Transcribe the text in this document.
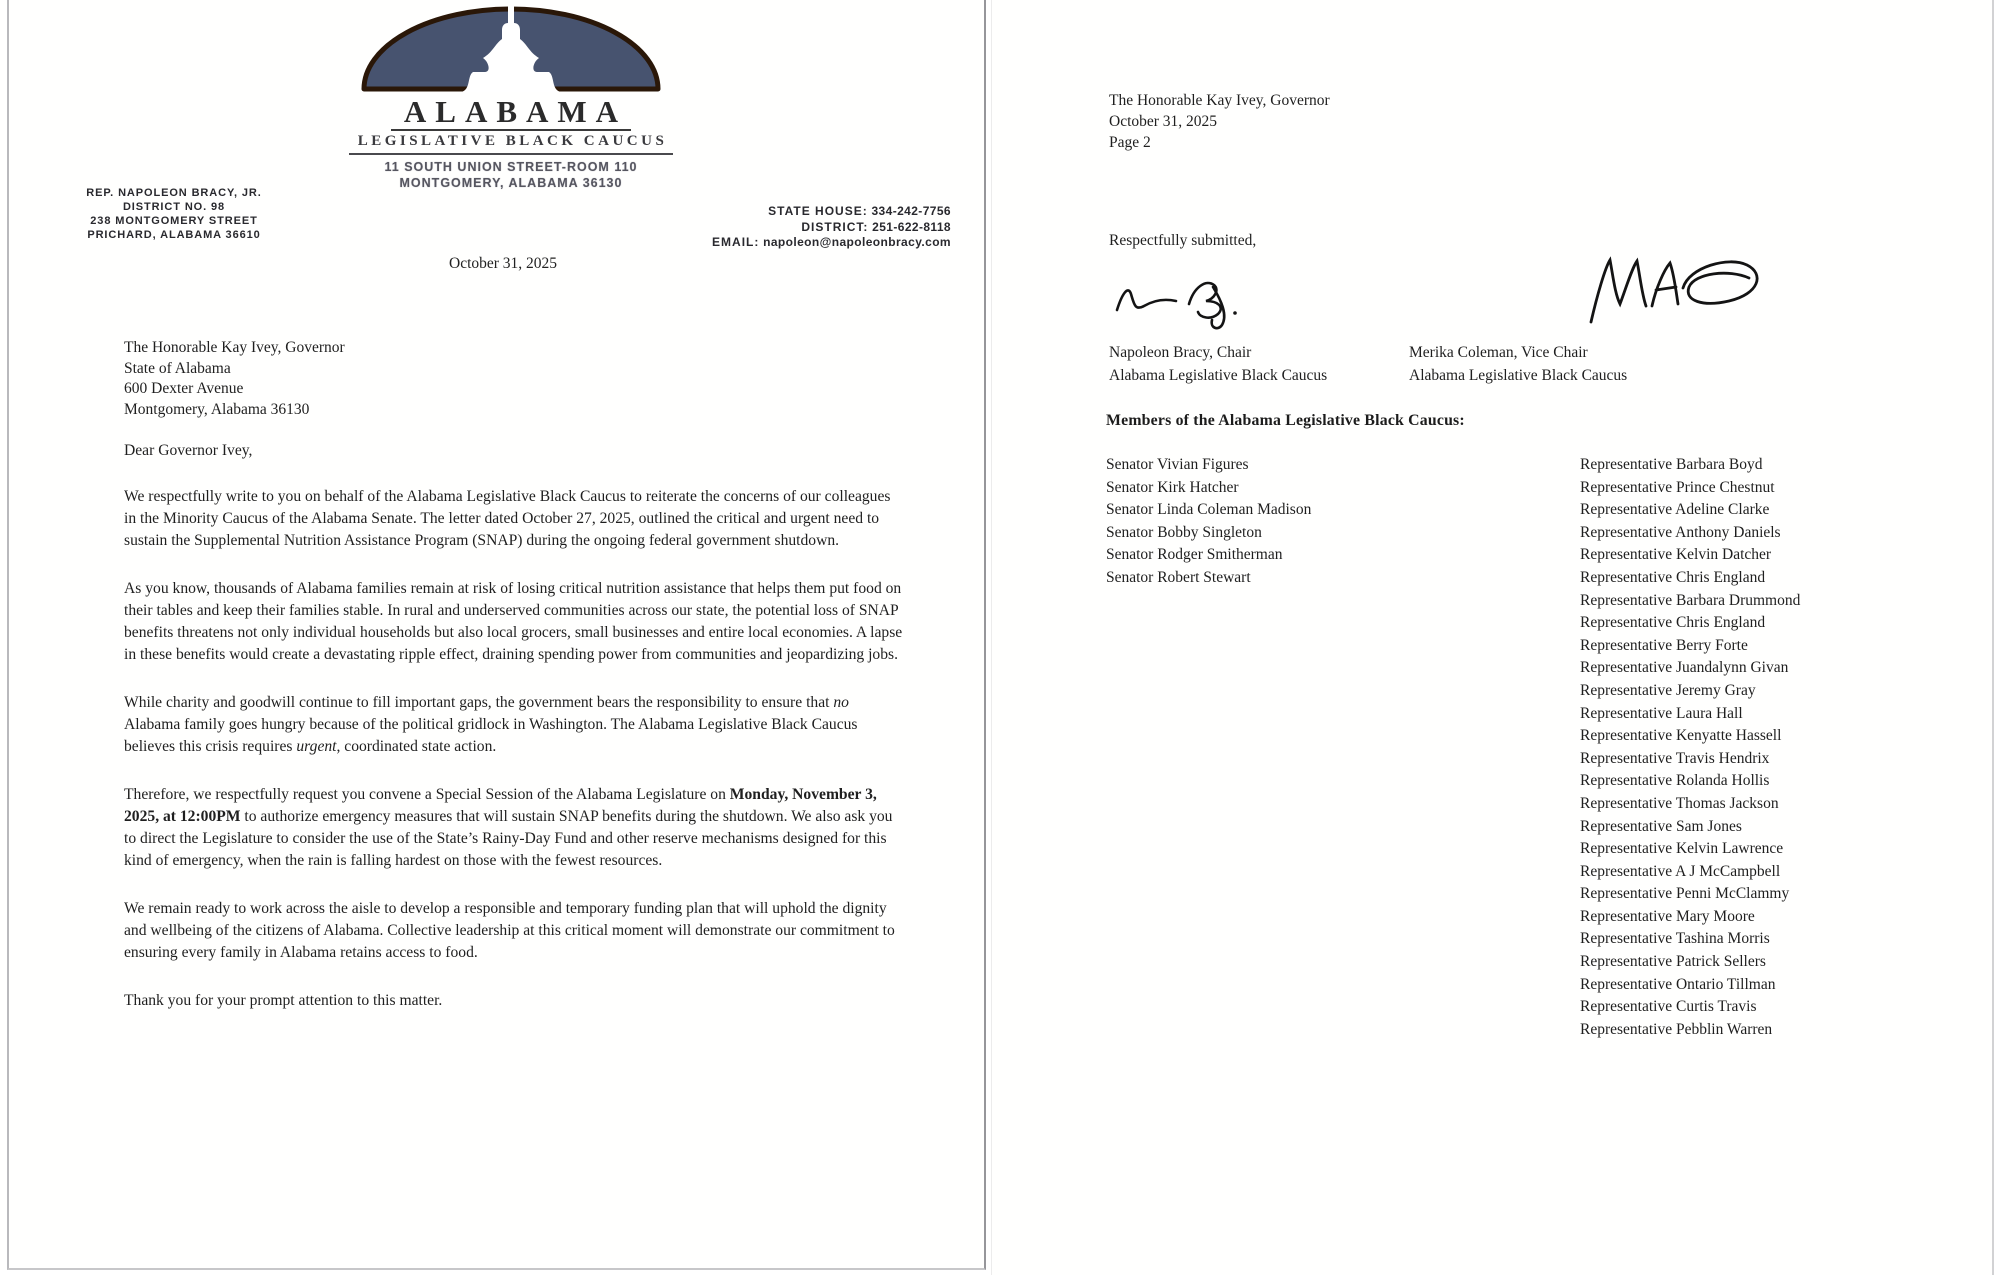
ALABAMA
LEGISLATIVE BLACK CAUCUS
11 SOUTH UNION STREET-ROOM 110
MONTGOMERY, ALABAMA 36130
REP. NAPOLEON BRACY, JR.
DISTRICT NO. 98
238 MONTGOMERY STREET
PRICHARD, ALABAMA 36610
STATE HOUSE: 334-242-7756
DISTRICT: 251-622-8118
EMAIL: napoleon@napoleonbracy.com
October 31, 2025
The Honorable Kay Ivey, Governor
State of Alabama
600 Dexter Avenue
Montgomery, Alabama 36130
Dear Governor Ivey,

We respectfully write to you on behalf of the Alabama Legislative Black Caucus to reiterate the concerns of our colleagues in the Minority Caucus of the Alabama Senate. The letter dated October 27, 2025, outlined the critical and urgent need to sustain the Supplemental Nutrition Assistance Program (SNAP) during the ongoing federal government shutdown.

As you know, thousands of Alabama families remain at risk of losing critical nutrition assistance that helps them put food on their tables and keep their families stable. In rural and underserved communities across our state, the potential loss of SNAP benefits threatens not only individual households but also local grocers, small businesses and entire local economies. A lapse in these benefits would create a devastating ripple effect, draining spending power from communities and jeopardizing jobs.

While charity and goodwill continue to fill important gaps, the government bears the responsibility to ensure that no Alabama family goes hungry because of the political gridlock in Washington. The Alabama Legislative Black Caucus believes this crisis requires urgent, coordinated state action.

Therefore, we respectfully request you convene a Special Session of the Alabama Legislature on Monday, November 3, 2025, at 12:00PM to authorize emergency measures that will sustain SNAP benefits during the shutdown. We also ask you to direct the Legislature to consider the use of the State’s Rainy-Day Fund and other reserve mechanisms designed for this kind of emergency, when the rain is falling hardest on those with the fewest resources.

We remain ready to work across the aisle to develop a responsible and temporary funding plan that will uphold the dignity and wellbeing of the citizens of Alabama. Collective leadership at this critical moment will demonstrate our commitment to ensuring every family in Alabama retains access to food.

Thank you for your prompt attention to this matter.

The Honorable Kay Ivey, Governor
October 31, 2025
Page 2
Respectfully submitted,
Napoleon Bracy, Chair
Alabama Legislative Black Caucus
Merika Coleman, Vice Chair
Alabama Legislative Black Caucus
Members of the Alabama Legislative Black Caucus:
Senator Vivian Figures
Senator Kirk Hatcher
Senator Linda Coleman Madison
Senator Bobby Singleton
Senator Rodger Smitherman
Senator Robert Stewart
Representative Barbara Boyd
Representative Prince Chestnut
Representative Adeline Clarke
Representative Anthony Daniels
Representative Kelvin Datcher
Representative Chris England
Representative Barbara Drummond
Representative Chris England
Representative Berry Forte
Representative Juandalynn Givan
Representative Jeremy Gray
Representative Laura Hall
Representative Kenyatte Hassell
Representative Travis Hendrix
Representative Rolanda Hollis
Representative Thomas Jackson
Representative Sam Jones
Representative Kelvin Lawrence
Representative A J McCampbell
Representative Penni McClammy
Representative Mary Moore
Representative Tashina Morris
Representative Patrick Sellers
Representative Ontario Tillman
Representative Curtis Travis
Representative Pebblin Warren
